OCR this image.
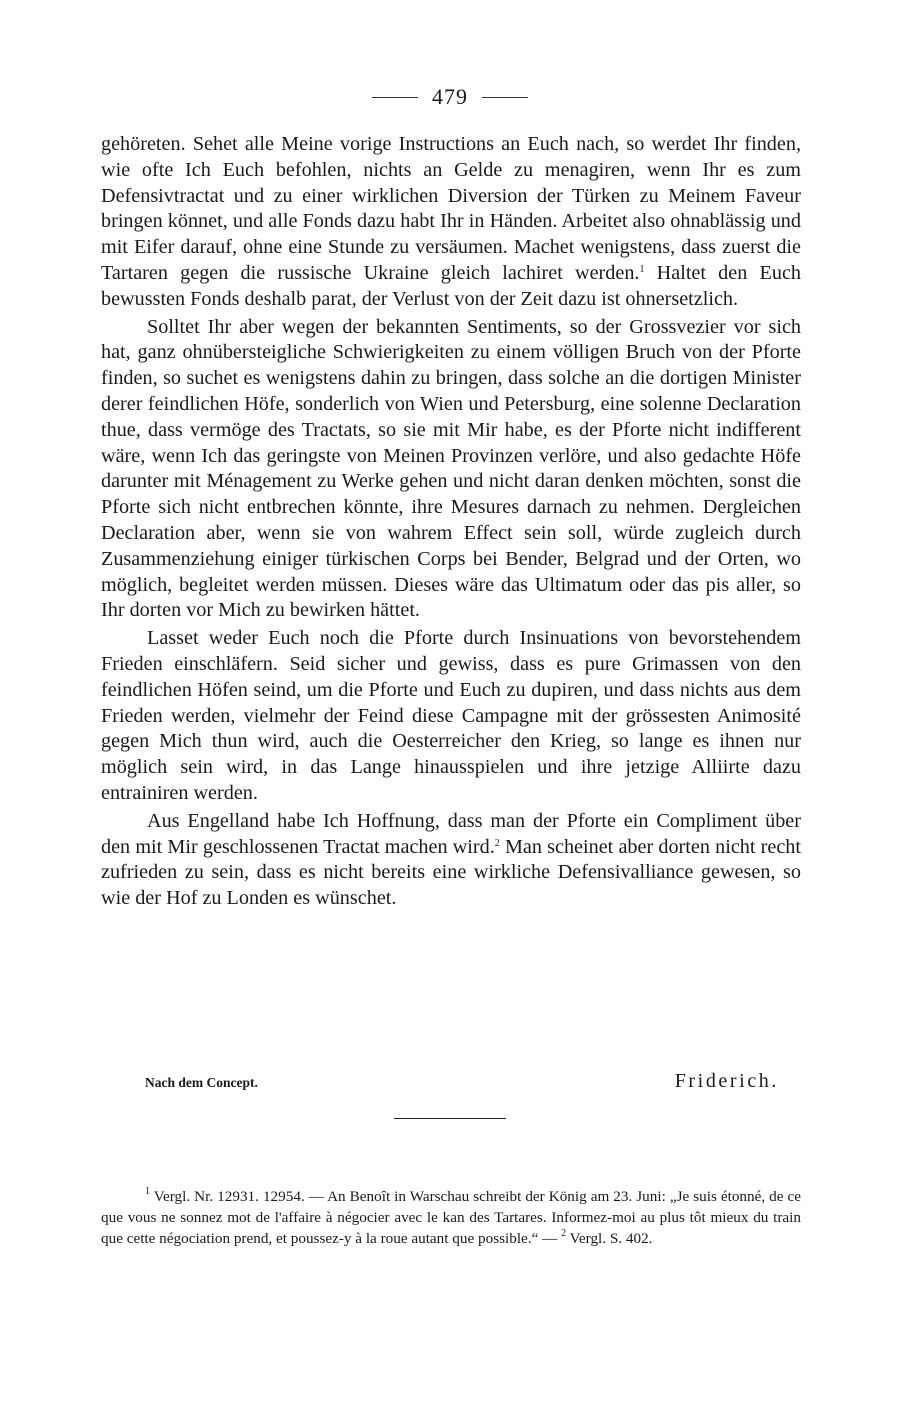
479

gehöreten. Sehet alle Meine vorige Instructions an Euch nach, so werdet Ihr finden, wie ofte Ich Euch befohlen, nichts an Gelde zu menagiren, wenn Ihr es zum Defensivtractat und zu einer wirklichen Diversion der Türken zu Meinem Faveur bringen könnet, und alle Fonds dazu habt Ihr in Händen. Arbeitet also ohnablässig und mit Eifer darauf, ohne eine Stunde zu versäumen. Machet wenigstens, dass zuerst die Tartaren gegen die russische Ukraine gleich lachiret werden.$^1$ Haltet den Euch bewussten Fonds deshalb parat, der Verlust von der Zeit dazu ist ohnersetzlich.

Solltet Ihr aber wegen der bekannten Sentiments, so der Grossvezier vor sich hat, ganz ohnübersteigliche Schwierigkeiten zu einem völligen Bruch von der Pforte finden, so suchet es wenigstens dahin zu bringen, dass solche an die dortigen Minister derer feindlichen Höfe, sonderlich von Wien und Petersburg, eine solenne Declaration thue, dass vermöge des Tractats, so sie mit Mir habe, es der Pforte nicht indifferent wäre, wenn Ich das geringste von Meinen Provinzen verlöre, und also gedachte Höfe darunter mit Ménagement zu Werke gehen und nicht daran denken möchten, sonst die Pforte sich nicht entbrechen könnte, ihre Mesures darnach zu nehmen. Dergleichen Declaration aber, wenn sie von wahrem Effect sein soll, würde zugleich durch Zusammenziehung einiger türkischen Corps bei Bender, Belgrad und der Orten, wo möglich, begleitet werden müssen. Dieses wäre das Ultimatum oder das pis aller, so Ihr dorten vor Mich zu bewirken hättet.

Lasset weder Euch noch die Pforte durch Insinuations von bevorstehendem Frieden einschläfern. Seid sicher und gewiss, dass es pure Grimassen von den feindlichen Höfen seind, um die Pforte und Euch zu dupiren, und dass nichts aus dem Frieden werden, vielmehr der Feind diese Campagne mit der grössesten Animosité gegen Mich thun wird, auch die Oesterreicher den Krieg, so lange es ihnen nur möglich sein wird, in das Lange hinausspielen und ihre jetzige Alliirte dazu entrainiren werden.

Aus Engelland habe Ich Hoffnung, dass man der Pforte ein Compliment über den mit Mir geschlossenen Tractat machen wird.$^2$ Man scheinet aber dorten nicht recht zufrieden zu sein, dass es nicht bereits eine wirkliche Defensivalliance gewesen, so wie der Hof zu Londen es wünschet.

Nach dem Concept.	Friderich.

$^1$ Vergl. Nr. 12931. 12954. — An Benoît in Warschau schreibt der König am 23. Juni: „Je suis étonné, de ce que vous ne sonnez mot de l'affaire à négocier avec le kan des Tartares. Informez-moi au plus tôt mieux du train que cette négociation prend, et poussez-y à la roue autant que possible.“ — $^2$ Vergl. S. 402.
